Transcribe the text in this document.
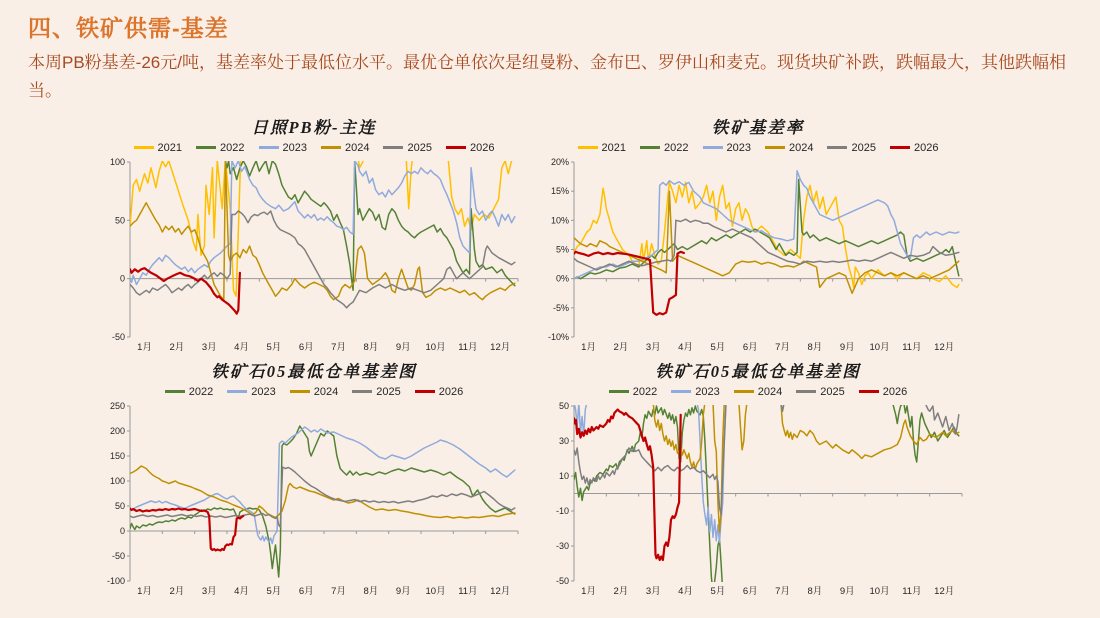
四、铁矿供需-基差
本周PB粉基差-26元/吨，基差率处于最低位水平。最优仓单依次是纽曼粉、金布巴、罗伊山和麦克。现货块矿补跌，跌幅最大，其他跌幅相当。
日照PB粉-主连
2021	2022	2023	2024	2025	2026
100
50
0
-50
1月 2月 3月 4月 5月 6月 7月 8月 9月 10月 11月 12月
铁矿基差率
2021	2022	2023	2024	2025	2026
20%
15%
10%
5%
0%
-5%
-10%
1月 2月 3月 4月 5月 6月 7月 8月 9月 10月 11月 12月
铁矿石05最低仓单基差图
2022	2023	2024	2025	2026
250
200
150
100
50
0
-50
-100
1月 2月 3月 4月 5月 6月 7月 8月 9月 10月 11月 12月
铁矿石05最低仓单基差图
2022	2023	2024	2025	2026
50
30
10
-10
-30
-50
1月 2月 3月 4月 5月 6月 7月 8月 9月 10月 11月 12月
